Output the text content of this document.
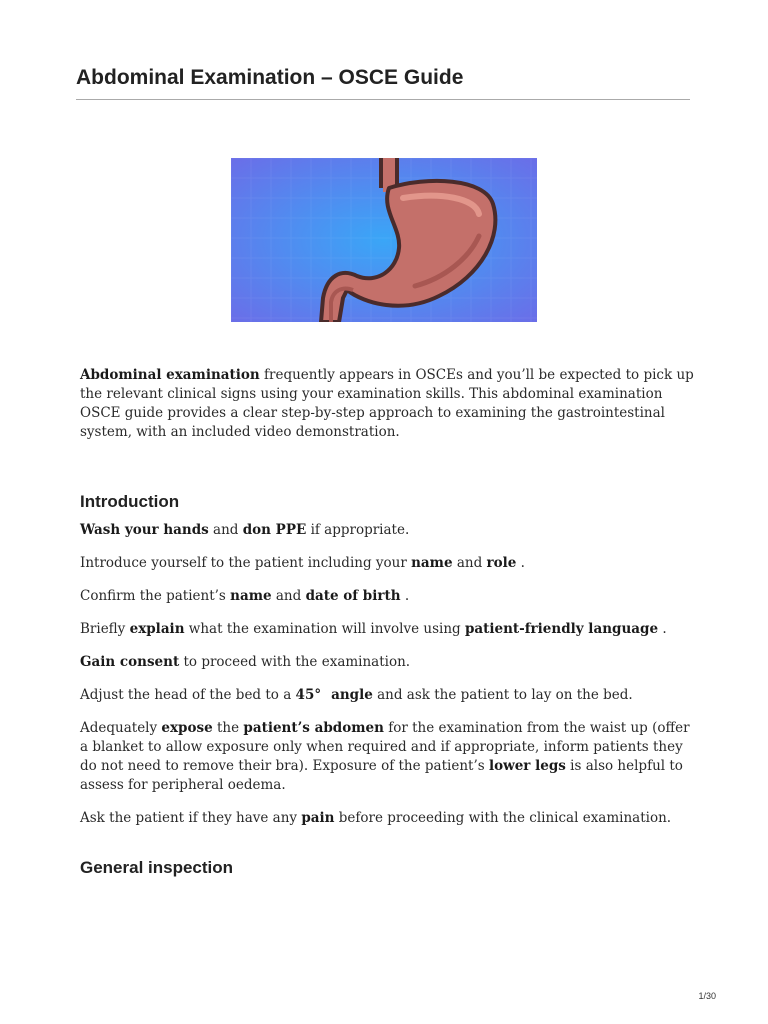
Abdominal Examination – OSCE Guide

Abdominal examination frequently appears in OSCEs and you’ll be expected to pick up the relevant clinical signs using your examination skills. This abdominal examination OSCE guide provides a clear step-by-step approach to examining the gastrointestinal system, with an included video demonstration.

Introduction

Wash your hands and don PPE if appropriate.

Introduce yourself to the patient including your name and role .

Confirm the patient’s name and date of birth .

Briefly explain what the examination will involve using patient-friendly language .

Gain consent to proceed with the examination.

Adjust the head of the bed to a 45° angle and ask the patient to lay on the bed.

Adequately expose the patient’s abdomen for the examination from the waist up (offer a blanket to allow exposure only when required and if appropriate, inform patients they do not need to remove their bra). Exposure of the patient’s lower legs is also helpful to assess for peripheral oedema.

Ask the patient if they have any pain before proceeding with the clinical examination.

General inspection
1/30
